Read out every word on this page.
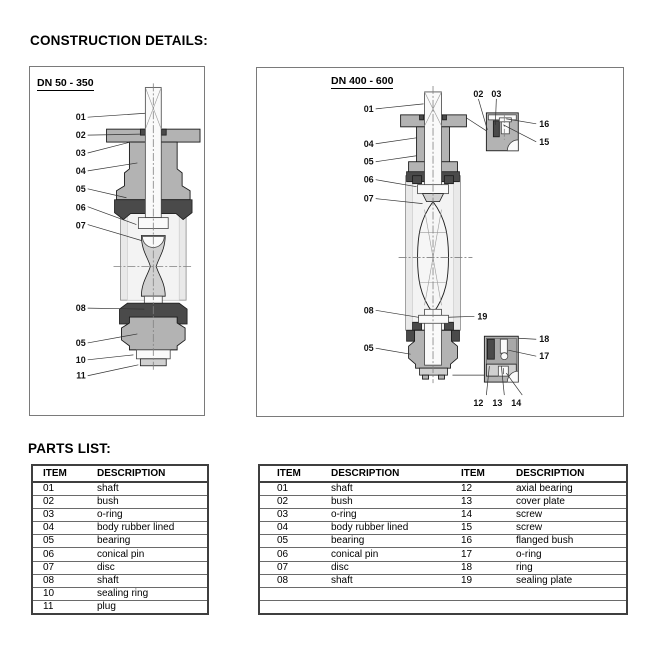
CONSTRUCTION DETAILS:
DN 50 - 350
01
02
03
04
05
06
07
08
05
10
11
DN 400 - 600
01
04
05
06
07
08
19
05
12 13 14
18
17
02 03
16
15
PARTS LIST:
ITEM	DESCRIPTION
01	shaft
02	bush
03	o-ring
04	body rubber lined
05	bearing
06	conical pin
07	disc
08	shaft
10	sealing ring
11	plug
ITEM	DESCRIPTION	ITEM	DESCRIPTION
01	shaft	12	axial bearing
02	bush	13	cover plate
03	o-ring	14	screw
04	body rubber lined	15	screw
05	bearing	16	flanged bush
06	conical pin	17	o-ring
07	disc	18	ring
08	shaft	19	sealing plate
